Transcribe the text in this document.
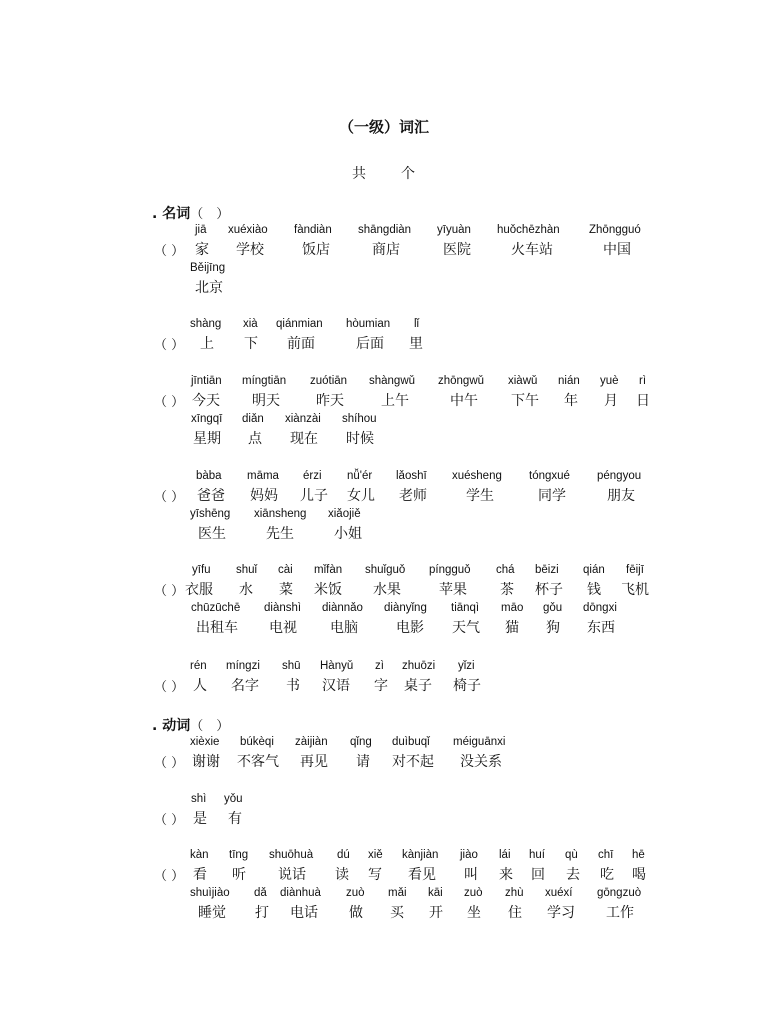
（一级）词汇
共	个
. 名词（　）
. 动词（　）
（ ）
（ ）
（ ）
（ ）
（ ）
（ ）
（ ）
（ ）
（ ）
jiā
家
xuéxiào
学校
fàndiàn
饭店
shāngdiàn
商店
yīyuàn
医院
huǒchēzhàn
火车站
Zhōngguó
中国
Běijīng
北京
shàng
上
xià
下
qiánmian
前面
hòumian
后面
lǐ
里
jīntiān
今天
míngtiān
明天
zuótiān
昨天
shàngwǔ
上午
zhōngwǔ
中午
xiàwǔ
下午
nián
年
yuè
月
rì
日
xīngqī
星期
diǎn
点
xiànzài
现在
shíhou
时候
bàba
爸爸
māma
妈妈
érzi
儿子
nǚ'ér
女儿
lǎoshī
老师
xuésheng
学生
tóngxué
同学
péngyou
朋友
yīshēng
医生
xiānsheng
先生
xiǎojiě
小姐
yīfu
衣服
shuǐ
水
cài
菜
mǐfàn
米饭
shuǐguǒ
水果
píngguǒ
苹果
chá
茶
bēizi
杯子
qián
钱
fēijī
飞机
chūzūchē
出租车
diànshì
电视
diànnǎo
电脑
diànyǐng
电影
tiānqì
天气
māo
猫
gǒu
狗
dōngxi
东西
rén
人
míngzi
名字
shū
书
Hànyǔ
汉语
zì
字
zhuōzi
桌子
yǐzi
椅子
xièxie
谢谢
búkèqi
不客气
zàijiàn
再见
qǐng
请
duìbuqǐ
对不起
méiguānxi
没关系
shì
是
yǒu
有
kàn
看
tīng
听
shuōhuà
说话
dú
读
xiě
写
kànjiàn
看见
jiào
叫
lái
来
huí
回
qù
去
chī
吃
hē
喝
shuìjiào
睡觉
dǎ
打
diànhuà
电话
zuò
做
mǎi
买
kāi
开
zuò
坐
zhù
住
xuéxí
学习
gōngzuò
工作
